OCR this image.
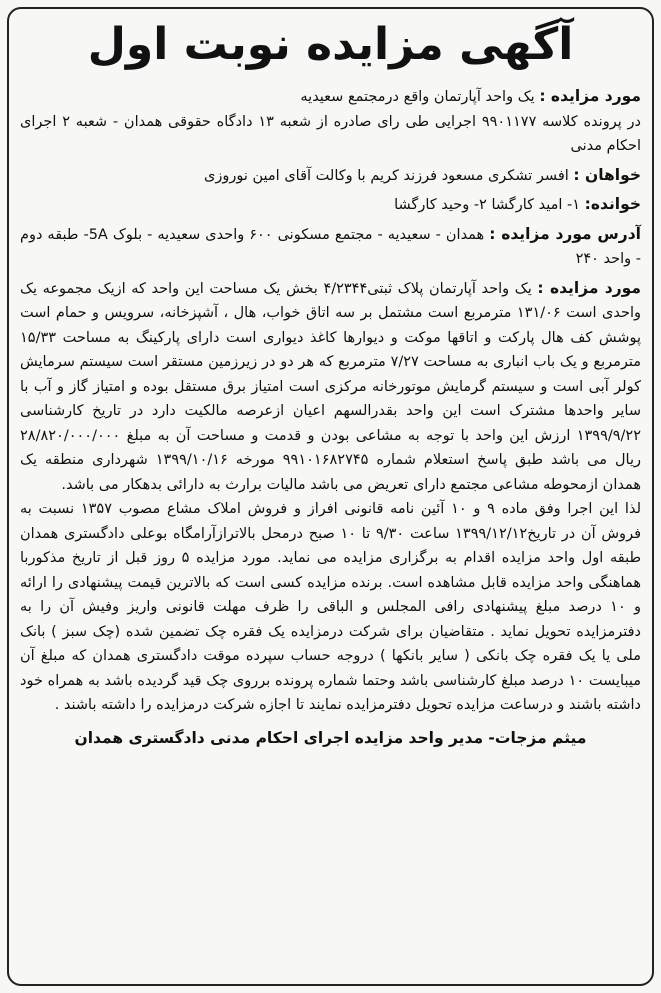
آگهی مزایده نوبت اول

مورد مزایده : یک واحد آپارتمان واقع درمجتمع سعیدیه

در پرونده کلاسه ۹۹۰۱۱۷۷ اجرایی طی رای صادره از شعبه ۱۳ دادگاه حقوقی همدان - شعبه ۲ اجرای احکام مدنی

خواهان : افسر تشکری مسعود فرزند کریم با وکالت آقای امین نوروزی

خوانده: ۱- امید کارگشا ۲- وحید کارگشا

آدرس مورد مزایده : همدان - سعیدیه - مجتمع مسکونی ۶۰۰ واحدی سعیدیه - بلوک 5A- طبقه دوم - واحد ۲۴۰

مورد مزایده : یک واحد آپارتمان پلاک ثبتی۴/۲۳۴۴ بخش یک مساحت این واحد که ازیک مجموعه یک واحدی است ۱۳۱/۰۶ مترمربع است مشتمل بر سه اتاق خواب، هال ، آشپزخانه، سرویس و حمام است پوشش کف هال پارکت و اتاقها موکت و دیوارها کاغذ دیواری است دارای پارکینگ به مساحت ۱۵/۳۳ مترمربع و یک باب انباری به مساحت ۷/۲۷ مترمربع که هر دو در زیرزمین مستقر است سیستم سرمایش کولر آبی است و سیستم گرمایش موتورخانه مرکزی است امتیاز برق مستقل بوده و امتیاز گاز و آب با سایر واحدها مشترک است این واحد بقدرالسهم اعیان ازعرصه مالکیت دارد در تاریخ کارشناسی ۱۳۹۹/۹/۲۲ ارزش این واحد با توجه به مشاعی بودن و قدمت و مساحت آن به مبلغ ۲۸/۸۲۰/۰۰۰/۰۰۰ ریال می باشد طبق پاسخ استعلام شماره ۹۹۱۰۱۶۸۲۷۴۵ مورخه ۱۳۹۹/۱۰/۱۶ شهرداری منطقه یک همدان ازمحوطه مشاعی مجتمع دارای تعریض می باشد مالیات برارث به دارائی بدهکار می باشد.

لذا این اجرا وفق ماده ۹ و ۱۰ آئین نامه قانونی افراز و فروش املاک مشاع مصوب ۱۳۵۷ نسبت به فروش آن در تاریخ۱۳۹۹/۱۲/۱۲ ساعت ۹/۳۰ تا ۱۰ صبح درمحل بالاترازآرامگاه بوعلی دادگستری همدان طبقه اول واحد مزایده اقدام به برگزاری مزایده می نماید. مورد مزایده ۵ روز قبل از تاریخ مذکوربا هماهنگی واحد مزایده قابل مشاهده است. برنده مزایده کسی است که بالاترین قیمت پیشنهادی را ارائه و ۱۰ درصد مبلغ پیشنهادی رافی المجلس و الباقی را ظرف مهلت قانونی واریز وفیش آن را به دفترمزایده تحویل نماید . متقاضیان برای شرکت درمزایده یک فقره چک تضمین شده (چک سبز ) بانک ملی یا یک فقره چک بانکی ( سایر بانکها ) دروجه حساب سپرده موقت دادگستری همدان که مبلغ آن میبایست ۱۰ درصد مبلغ کارشناسی باشد وحتما شماره پرونده برروی چک قید گردیده باشد به همراه خود داشته باشند و درساعت مزایده تحویل دفترمزایده نمایند تا اجازه شرکت درمزایده را داشته باشند .

میثم مزجات- مدیر واحد مزایده اجرای احکام مدنی دادگستری همدان
